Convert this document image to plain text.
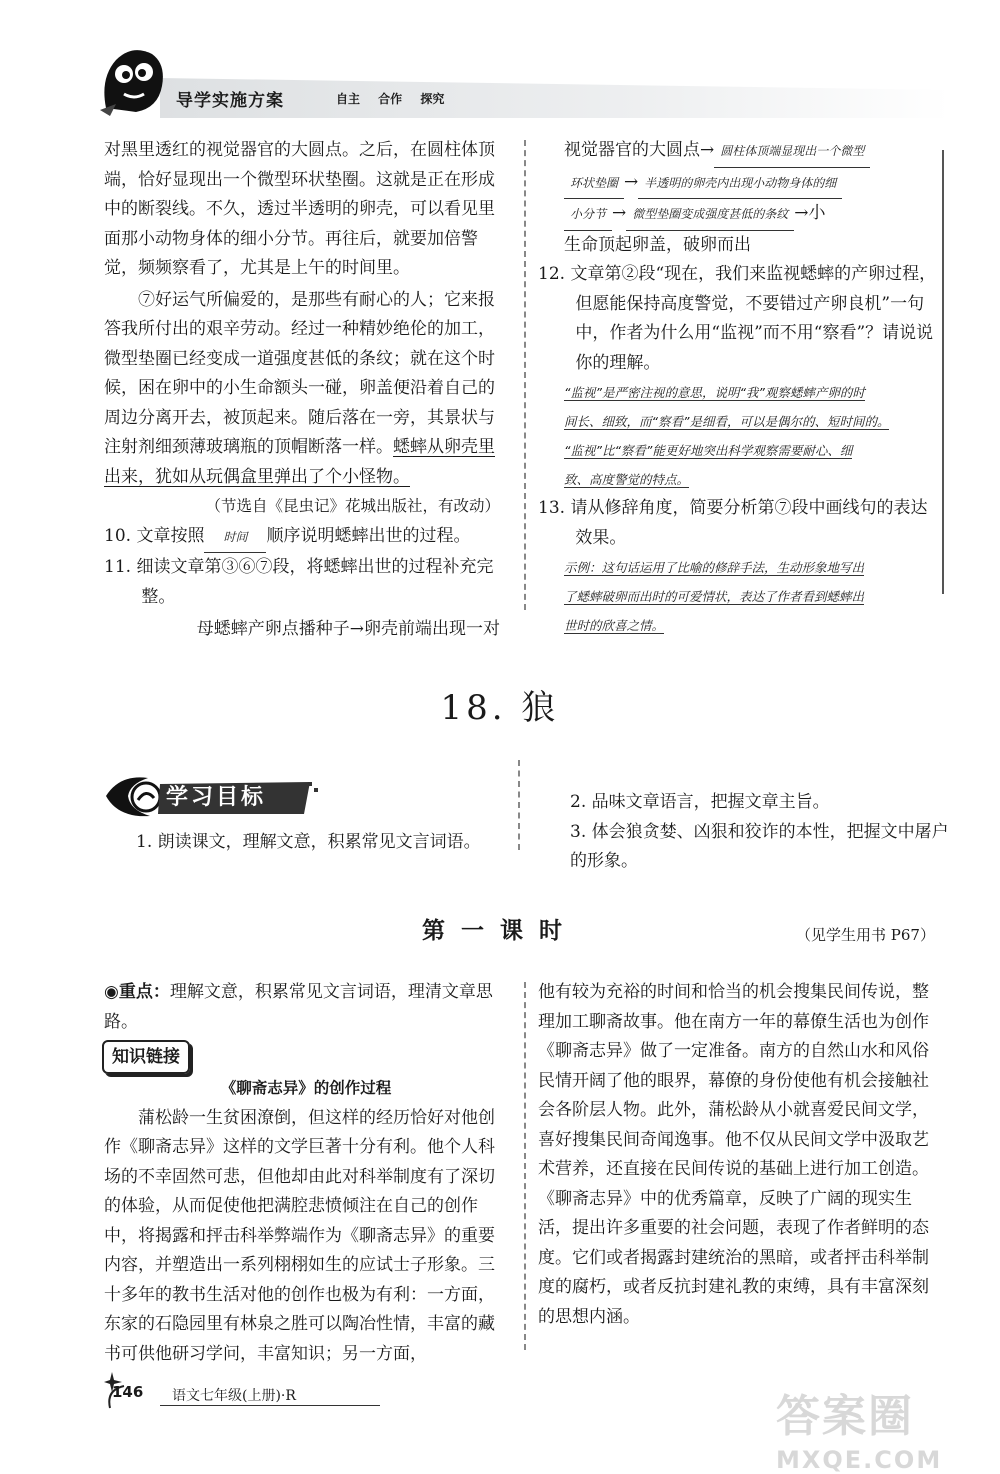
导学实施方案	自主 合作 探究

对黑里透红的视觉器官的大圆点。之后，在圆柱体顶端，恰好显现出一个微型环状垫圈。这就是正在形成中的断裂线。不久，透过半透明的卵壳，可以看见里面那小动物身体的细小分节。再往后，就要加倍警觉，频频察看了，尤其是上午的时间里。

⑦好运气所偏爱的，是那些有耐心的人；它来报答我所付出的艰辛劳动。经过一种精妙绝伦的加工，微型垫圈已经变成一道强度甚低的条纹；就在这个时候，困在卵中的小生命额头一碰，卵盖便沿着自己的周边分离开去，被顶起来。随后落在一旁，其景状与注射剂细颈薄玻璃瓶的顶帽断落一样。蟋蟀从卵壳里出来，犹如从玩偶盒里弹出了个小怪物。

（节选自《昆虫记》花城出版社，有改动）

10. 文章按照 时间 顺序说明蟋蟀出世的过程。

11. 细读文章第③⑥⑦段，将蟋蟀出世的过程补充完整。

母蟋蟀产卵点播种子→卵壳前端出现一对

视觉器官的大圆点→ 圆柱体顶端显现出一个微型

环状垫圈 → 半透明的卵壳内出现小动物身体的细

小分节 → 微型垫圈变成强度甚低的条纹 →小

生命顶起卵盖，破卵而出

12. 文章第②段“现在，我们来监视蟋蟀的产卵过程，但愿能保持高度警觉，不要错过产卵良机”一句中，作者为什么用“监视”而不用“察看”？请说说你的理解。

“监视”是严密注视的意思，说明“我”观察蟋蟀产卵的时
间长、细致，而“察看”是细看，可以是偶尔的、短时间的。
“监视”比“察看”能更好地突出科学观察需要耐心、细
致、高度警觉的特点。

13. 请从修辞角度，简要分析第⑦段中画线句的表达效果。

示例：这句话运用了比喻的修辞手法，生动形象地写出
了蟋蟀破卵而出时的可爱情状，表达了作者看到蟋蟀出
世时的欣喜之情。
18. 狼
学习目标
1. 朗读课文，理解文意，积累常见文言词语。

2. 品味文章语言，把握文章主旨。

3. 体会狼贪婪、凶狠和狡诈的本性，把握文中屠户的形象。

第一课时	（见学生用书 P67）

◉重点：理解文意，积累常见文言词语，理清文章思路。

知识链接

《聊斋志异》的创作过程

蒲松龄一生贫困潦倒，但这样的经历恰好对他创作《聊斋志异》这样的文学巨著十分有利。他个人科场的不幸固然可悲，但他却由此对科举制度有了深切的体验，从而促使他把满腔悲愤倾注在自己的创作中，将揭露和抨击科举弊端作为《聊斋志异》的重要内容，并塑造出一系列栩栩如生的应试士子形象。三十多年的教书生活对他的创作也极为有利：一方面，东家的石隐园里有林泉之胜可以陶冶性情，丰富的藏书可供他研习学问，丰富知识；另一方面，

他有较为充裕的时间和恰当的机会搜集民间传说，整理加工聊斋故事。他在南方一年的幕僚生活也为创作《聊斋志异》做了一定准备。南方的自然山水和风俗民情开阔了他的眼界，幕僚的身份使他有机会接触社会各阶层人物。此外，蒲松龄从小就喜爱民间文学，喜好搜集民间奇闻逸事。他不仅从民间文学中汲取艺术营养，还直接在民间传说的基础上进行加工创造。《聊斋志异》中的优秀篇章，反映了广阔的现实生活，提出许多重要的社会问题，表现了作者鲜明的态度。它们或者揭露封建统治的黑暗，或者抨击科举制度的腐朽，或者反抗封建礼教的束缚，具有丰富深刻的思想内涵。

146 语文七年级(上册)·R	答案圈
MXQE.COM
